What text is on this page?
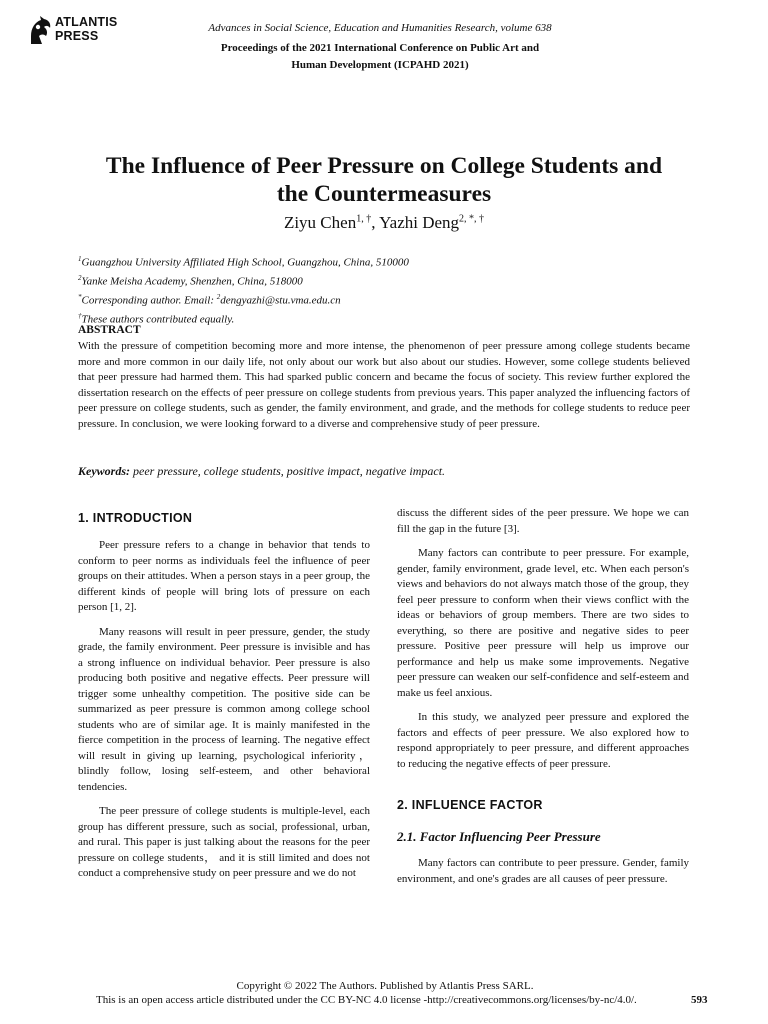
ATLANTIS
PRESS
Advances in Social Science, Education and Humanities Research, volume 638
Proceedings of the 2021 International Conference on Public Art and
Human Development (ICPAHD 2021)
The Influence of Peer Pressure on College Students and
the Countermeasures
Ziyu Chen$^{1, \dagger}$, Yazhi Deng$^{2, *, \dagger}$
$^1$Guangzhou University Affiliated High School, Guangzhou, China, 510000
$^2$Yanke Meisha Academy, Shenzhen, China, 518000
*Corresponding author. Email: $^2$dengyazhi@stu.vma.edu.cn
†These authors contributed equally.
ABSTRACT
With the pressure of competition becoming more and more intense, the phenomenon of peer pressure among college students became more and more common in our daily life, not only about our work but also about our studies. However, some college students believed that peer pressure had harmed them. This had sparked public concern and became the focus of society. This review further explored the dissertation research on the effects of peer pressure on college students from previous years. This paper analyzed the influencing factors of peer pressure on college students, such as gender, the family environment, and grade, and the methods for college students to reduce peer pressure. In conclusion, we were looking forward to a diverse and comprehensive study of peer pressure.
Keywords: peer pressure, college students, positive impact, negative impact.
1. INTRODUCTION

Peer pressure refers to a change in behavior that tends to conform to peer norms as individuals feel the influence of peer groups on their attitudes. When a person stays in a peer group, the different kinds of people will bring lots of pressure on each person [1, 2].

Many reasons will result in peer pressure, gender, the study grade, the family environment. Peer pressure is invisible and has a strong influence on individual behavior. Peer pressure is also producing both positive and negative effects. Peer pressure will trigger some unhealthy competition. The positive side can be summarized as peer pressure is common among college school students who are of similar age. It is mainly manifested in the fierce competition in the process of learning. The negative effect will result in giving up learning, psychological inferiority，blindly follow, losing self-esteem, and other behavioral tendencies.

The peer pressure of college students is multiple-level, each group has different pressure, such as social, professional, urban, and rural. This paper is just talking about the reasons for the peer pressure on college students， and it is still limited and does not conduct a comprehensive study on peer pressure and we do not

discuss the different sides of the peer pressure. We hope we can fill the gap in the future [3].

Many factors can contribute to peer pressure. For example, gender, family environment, grade level, etc. When each person's views and behaviors do not always match those of the group, they feel peer pressure to conform when their views conflict with the ideas or behaviors of group members. There are two sides to everything, so there are positive and negative sides to peer pressure. Positive peer pressure will help us improve our performance and help us make some improvements. Negative peer pressure can weaken our self-confidence and self-esteem and make us feel anxious.

In this study, we analyzed peer pressure and explored the factors and effects of peer pressure. We also explored how to respond appropriately to peer pressure, and different approaches to reducing the negative effects of peer pressure.

2. INFLUENCE FACTOR
2.1. Factor Influencing Peer Pressure

Many factors can contribute to peer pressure. Gender, family environment, and one's grades are all causes of peer pressure.

Copyright © 2022 The Authors. Published by Atlantis Press SARL.
This is an open access article distributed under the CC BY-NC 4.0 license -http://creativecommons.org/licenses/by-nc/4.0/.	593
